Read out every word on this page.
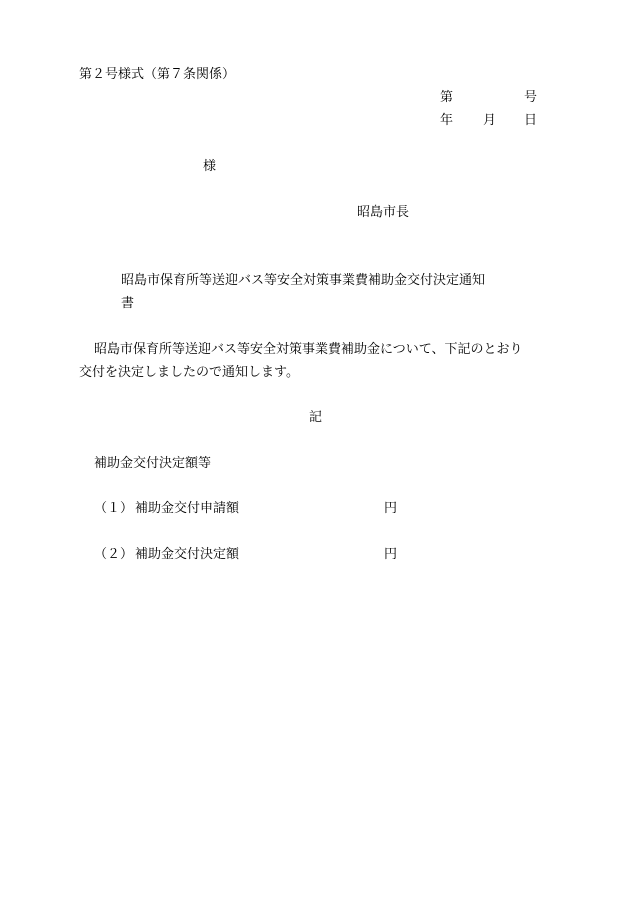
第２号様式（第７条関係）
第	号
年 月 日
様
昭島市長
昭島市保育所等送迎バス等安全対策事業費補助金交付決定通知
書
昭島市保育所等送迎バス等安全対策事業費補助金について、下記のとおり
交付を決定しましたので通知します。
記
補助金交付決定額等
（１） 補助金交付申請額	円
（２） 補助金交付決定額	円
